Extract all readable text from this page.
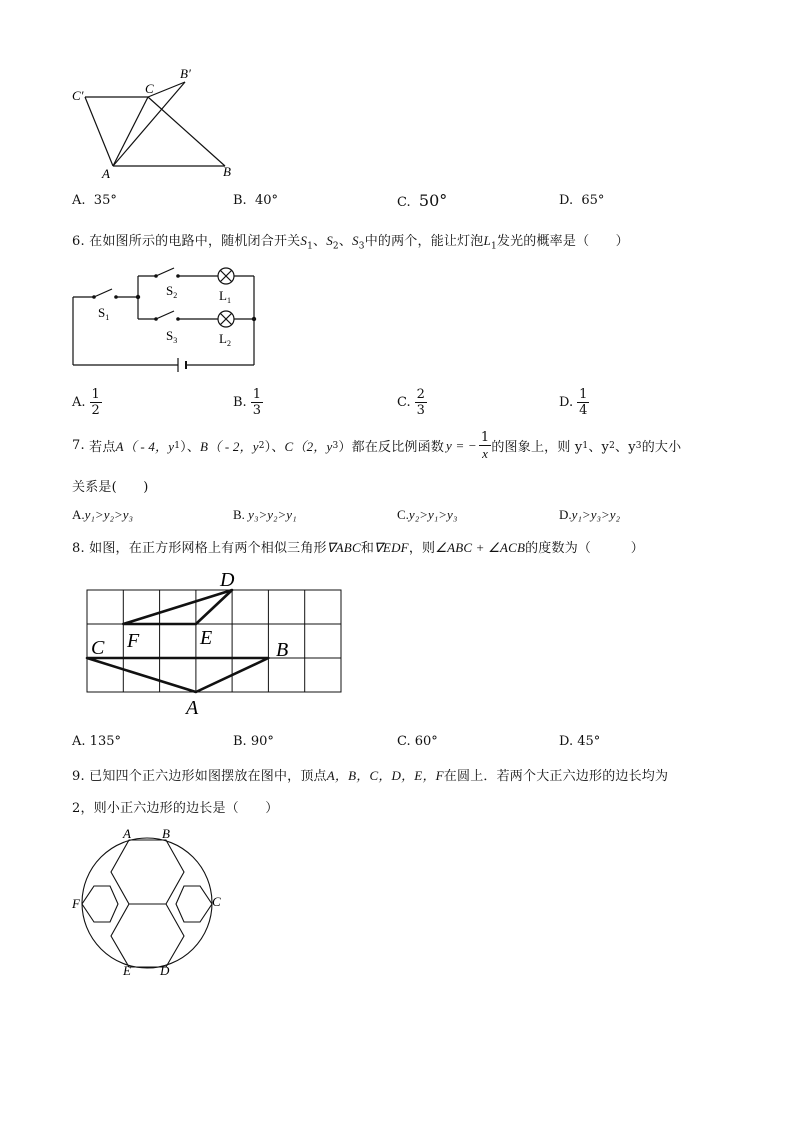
C′
B′
C
A	B
A. 35°	B. 40°	C. 50°	D. 65°
6. 在如图所示的电路中，随机闭合开关$S_1$、$S_2$、$S_3$中的两个，能让灯泡$L_1$发光的概率是（　　）
$S_1$
$S_2$	$L_1$
$S_3$	$L_2$
A. $\frac{1}{2}$	B. $\frac{1}{3}$	C. $\frac{2}{3}$	D. $\frac{1}{4}$
7.
若点 A（ - 4，y 1 ）、 B（ - 2，y 2 ）、 C（2，y 3 ）都在反比例函数 y = − $\frac{1}{x}$ 的图象上，则 y 1 、y 2 、y 3 的大小
关系是(　　)
A.y₁>y₂>y₃	B. y₃>y₂>y₁	C.y₂>y₁>y₃	D.y₁>y₃>y₂
8. 如图，在正方形网格上有两个相似三角形∇ABC和∇EDF，则∠ABC + ∠ACB的度数为（　　　）
D
F	E
C	B
A
A. 135°	B. 90°	C. 60°	D. 45°
9. 已知四个正六边形如图摆放在图中，顶点A，B，C，D，E，F在圆上．若两个大正六边形的边长均为
2，则小正六边形的边长是（　　）
A B
C
F
E D
